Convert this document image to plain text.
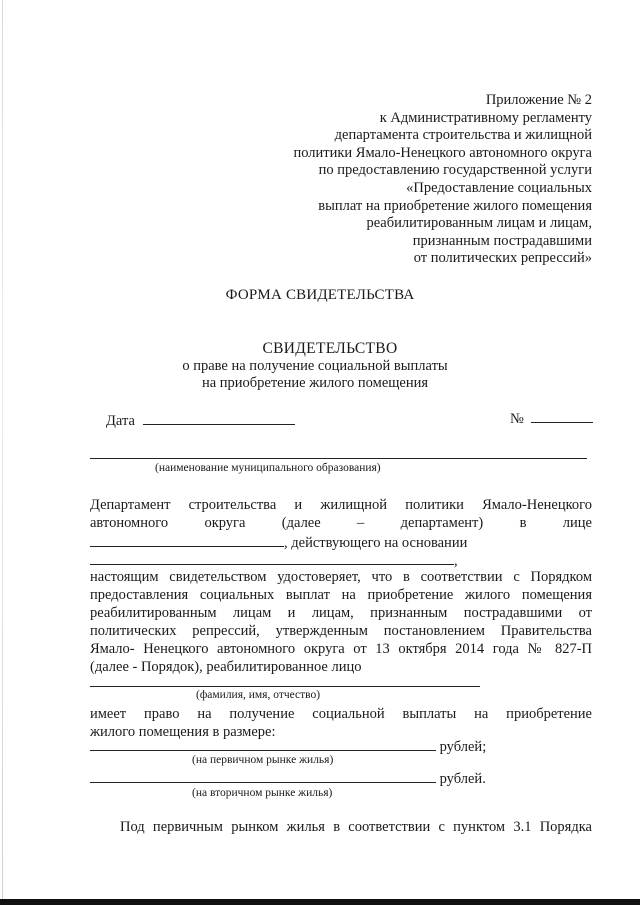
Приложение № 2
к Административному регламенту
департамента строительства и жилищной
политики Ямало-Ненецкого автономного округа
по предоставлению государственной услуги
«Предоставление социальных
выплат на приобретение жилого помещения
реабилитированным лицам и лицам,
признанным пострадавшими
от политических репрессий»
ФОРМА СВИДЕТЕЛЬСТВА
СВИДЕТЕЛЬСТВО
о праве на получение социальной выплаты
на приобретение жилого помещения
Дата	№
(наименование муниципального образования)
Департамент строительства и жилищной политики Ямало-Ненецкого
автономного	округа	(далее	–	департамент)	в	лице
, действующего на основании
,
настоящим свидетельством удостоверяет, что в соответствии с Порядком
предоставления социальных выплат на приобретение жилого помещения
реабилитированным лицам и лицам, признанным пострадавшими от
политических репрессий, утвержденным постановлением Правительства
Ямало- Ненецкого автономного округа от 13 октября 2014 года № 827-П
(далее - Порядок), реабилитированное лицо
(фамилия, имя, отчество)
имеет право на получение социальной выплаты на приобретение
жилого помещения в размере:
рублей;
(на первичном рынке жилья)
рублей.
(на вторичном рынке жилья)
Под первичным рынком жилья в соответствии с пунктом 3.1 Порядка
